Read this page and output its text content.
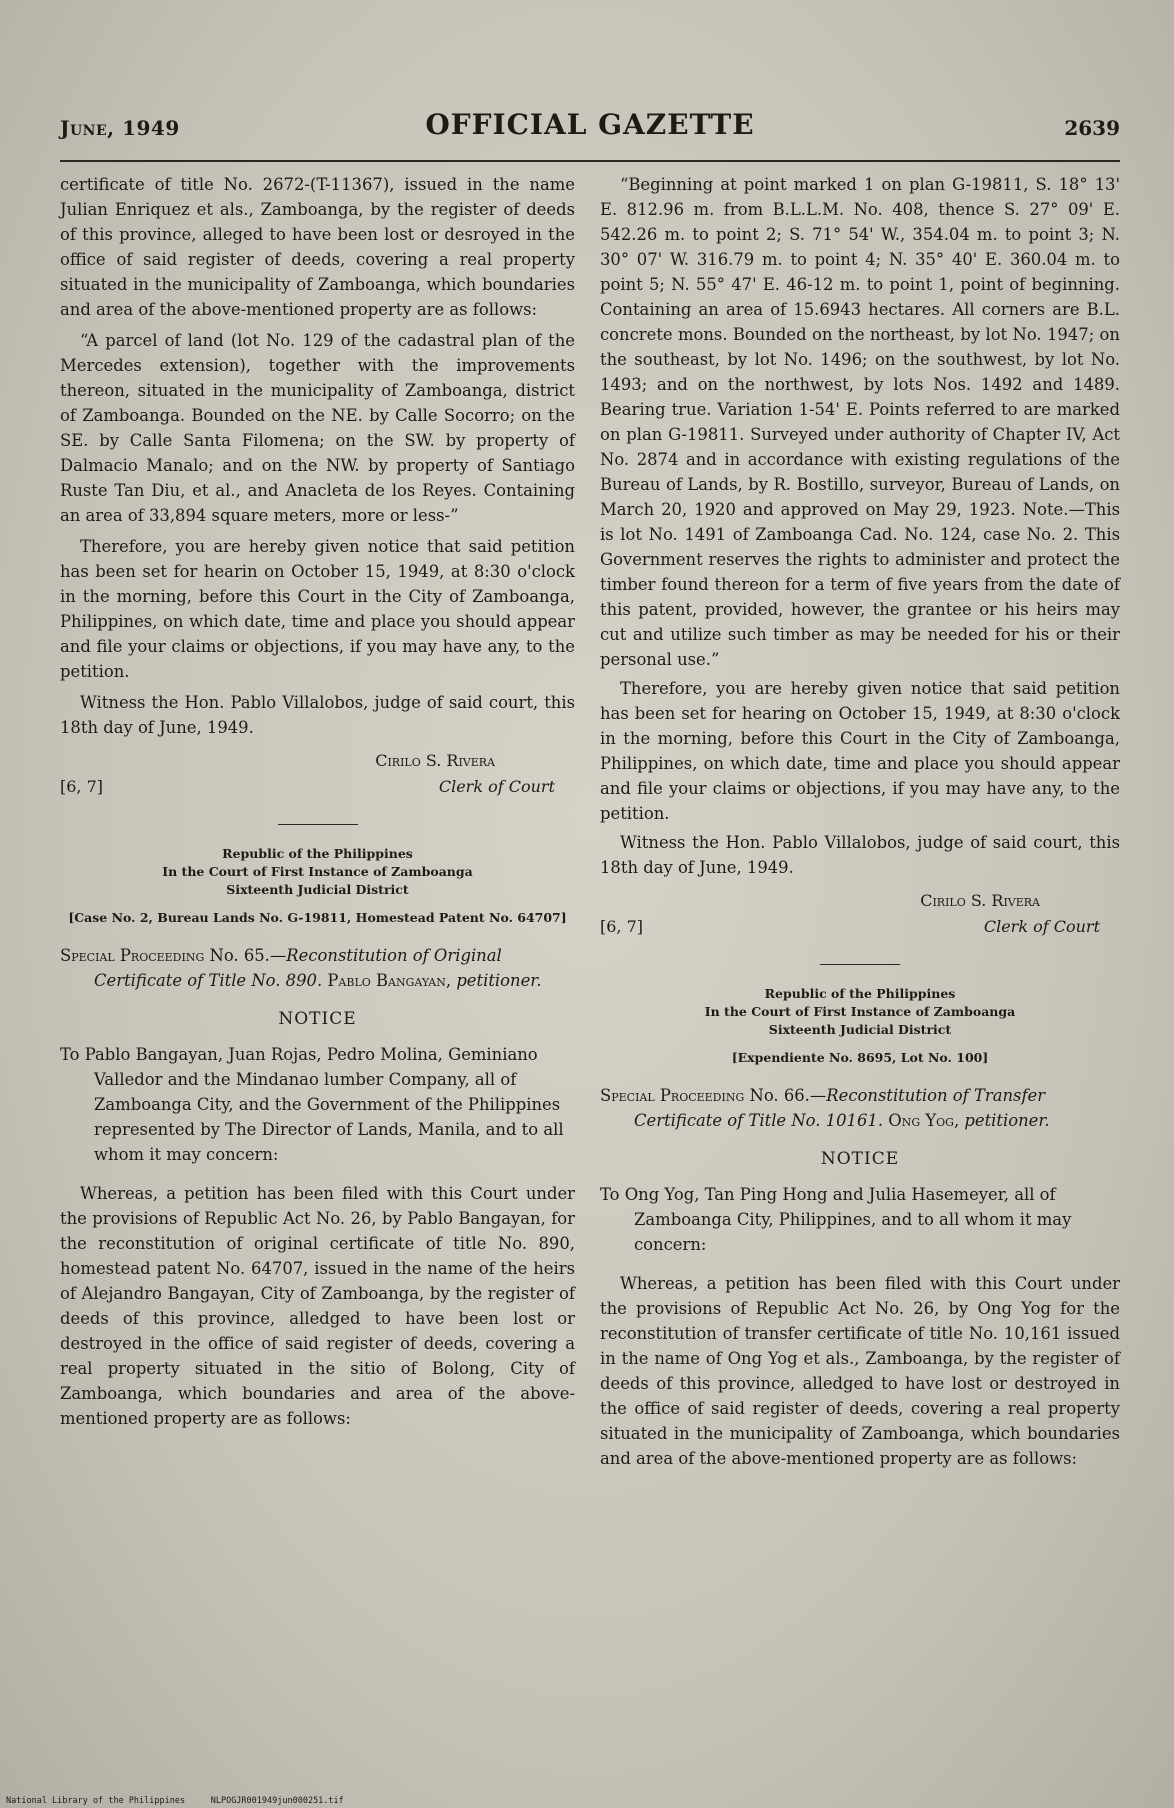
June, 1949	OFFICIAL GAZETTE	2639

certificate of title No. 2672-(T-11367), issued in the name Julian Enriquez et als., Zamboanga, by the register of deeds of this province, alleged to have been lost or desroyed in the office of said register of deeds, covering a real property situated in the municipality of Zamboanga, which boundaries and area of the above-mentioned property are as follows:

“A parcel of land (lot No. 129 of the cadastral plan of the Mercedes extension), together with the improvements thereon, situated in the municipality of Zamboanga, district of Zamboanga. Bounded on the NE. by Calle Socorro; on the SE. by Calle Santa Filomena; on the SW. by property of Dalmacio Manalo; and on the NW. by property of Santiago Ruste Tan Diu, et al., and Anacleta de los Reyes. Containing an area of 33,894 square meters, more or less-”

Therefore, you are hereby given notice that said petition has been set for hearin on October 15, 1949, at 8:30 o'clock in the morning, before this Court in the City of Zamboanga, Philippines, on which date, time and place you should appear and file your claims or objections, if you may have any, to the petition.

Witness the Hon. Pablo Villalobos, judge of said court, this 18th day of June, 1949.

Cirilo S. Rivera
[6, 7]	Clerk of Court
Republic of the Philippines
In the Court of First Instance of Zamboanga
Sixteenth Judicial District
[Case No. 2, Bureau Lands No. G-19811, Homestead Patent No. 64707]

Special Proceeding No. 65.—Reconstitution of Original Certificate of Title No. 890. Pablo Bangayan, petitioner.

NOTICE

To Pablo Bangayan, Juan Rojas, Pedro Molina, Geminiano Valledor and the Mindanao lumber Company, all of Zamboanga City, and the Government of the Philippines represented by The Director of Lands, Manila, and to all whom it may concern:

Whereas, a petition has been filed with this Court under the provisions of Republic Act No. 26, by Pablo Bangayan, for the reconstitution of original certificate of title No. 890, homestead patent No. 64707, issued in the name of the heirs of Alejandro Bangayan, City of Zamboanga, by the register of deeds of this province, alledged to have been lost or destroyed in the office of said register of deeds, covering a real property situated in the sitio of Bolong, City of Zamboanga, which boundaries and area of the above-mentioned property are as follows:

“Beginning at point marked 1 on plan G-19811, S. 18° 13' E. 812.96 m. from B.L.L.M. No. 408, thence S. 27° 09' E. 542.26 m. to point 2; S. 71° 54' W., 354.04 m. to point 3; N. 30° 07' W. 316.79 m. to point 4; N. 35° 40' E. 360.04 m. to point 5; N. 55° 47' E. 46-12 m. to point 1, point of beginning. Containing an area of 15.6943 hectares. All corners are B.L. concrete mons. Bounded on the northeast, by lot No. 1947; on the southeast, by lot No. 1496; on the southwest, by lot No. 1493; and on the northwest, by lots Nos. 1492 and 1489. Bearing true. Variation 1-54' E. Points referred to are marked on plan G-19811. Surveyed under authority of Chapter IV, Act No. 2874 and in accordance with existing regulations of the Bureau of Lands, by R. Bostillo, surveyor, Bureau of Lands, on March 20, 1920 and approved on May 29, 1923. Note.—This is lot No. 1491 of Zamboanga Cad. No. 124, case No. 2. This Government reserves the rights to administer and protect the timber found thereon for a term of five years from the date of this patent, provided, however, the grantee or his heirs may cut and utilize such timber as may be needed for his or their personal use.”

Therefore, you are hereby given notice that said petition has been set for hearing on October 15, 1949, at 8:30 o'clock in the morning, before this Court in the City of Zamboanga, Philippines, on which date, time and place you should appear and file your claims or objections, if you may have any, to the petition.

Witness the Hon. Pablo Villalobos, judge of said court, this 18th day of June, 1949.

Cirilo S. Rivera
[6, 7]	Clerk of Court
Republic of the Philippines
In the Court of First Instance of Zamboanga
Sixteenth Judicial District
[Expendiente No. 8695, Lot No. 100]

Special Proceeding No. 66.—Reconstitution of Transfer Certificate of Title No. 10161. Ong Yog, petitioner.

NOTICE

To Ong Yog, Tan Ping Hong and Julia Hasemeyer, all of Zamboanga City, Philippines, and to all whom it may concern:

Whereas, a petition has been filed with this Court under the provisions of Republic Act No. 26, by Ong Yog for the reconstitution of transfer certificate of title No. 10,161 issued in the name of Ong Yog et als., Zamboanga, by the register of deeds of this province, alledged to have lost or destroyed in the office of said register of deeds, covering a real property situated in the municipality of Zamboanga, which boundaries and area of the above-mentioned property are as follows:

National Library of the Philippines	NLPOGJR001949jun000251.tif
